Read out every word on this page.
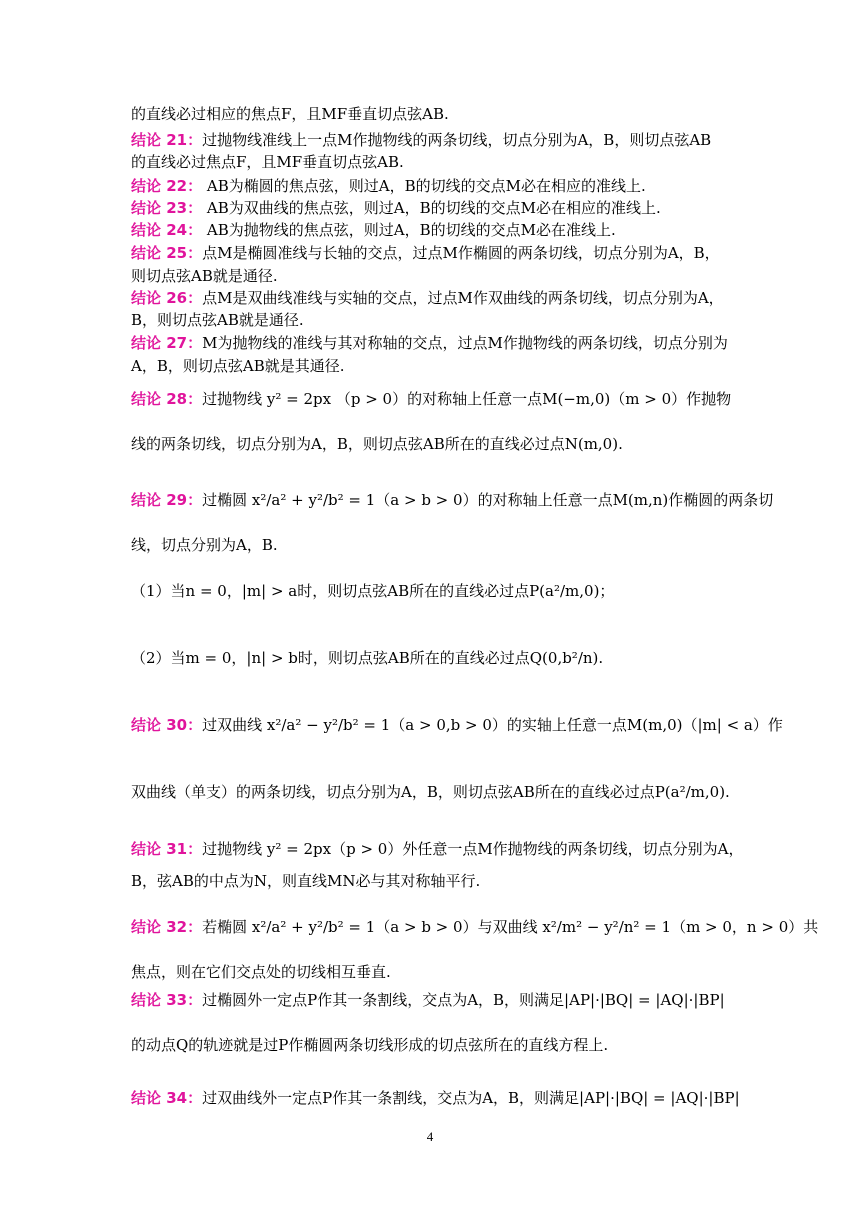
的直线必过相应的焦点F，且MF垂直切点弦AB.
结论 21：过抛物线准线上一点M作抛物线的两条切线，切点分别为A，B，则切点弦AB
的直线必过焦点F，且MF垂直切点弦AB.
结论 22： AB为椭圆的焦点弦，则过A，B的切线的交点M必在相应的准线上.
结论 23： AB为双曲线的焦点弦，则过A，B的切线的交点M必在相应的准线上.
结论 24： AB为抛物线的焦点弦，则过A，B的切线的交点M必在准线上.
结论 25：点M是椭圆准线与长轴的交点，过点M作椭圆的两条切线，切点分别为A，B，
则切点弦AB就是通径.
结论 26：点M是双曲线准线与实轴的交点，过点M作双曲线的两条切线，切点分别为A，
B，则切点弦AB就是通径.
结论 27：M为抛物线的准线与其对称轴的交点，过点M作抛物线的两条切线，切点分别为
A，B，则切点弦AB就是其通径.
结论 28：过抛物线 y² = 2px （p > 0）的对称轴上任意一点M(−m,0)（m > 0）作抛物
线的两条切线，切点分别为A，B，则切点弦AB所在的直线必过点N(m,0).
结论 29：过椭圆 x²/a² + y²/b² = 1（a > b > 0）的对称轴上任意一点M(m,n)作椭圆的两条切
线，切点分别为A，B.
（1）当n = 0，|m| > a时，则切点弦AB所在的直线必过点P(a²/m,0)；
（2）当m = 0，|n| > b时，则切点弦AB所在的直线必过点Q(0,b²/n).
结论 30：过双曲线 x²/a² − y²/b² = 1（a > 0,b > 0）的实轴上任意一点M(m,0)（|m| < a）作
双曲线（单支）的两条切线，切点分别为A，B，则切点弦AB所在的直线必过点P(a²/m,0).
结论 31：过抛物线 y² = 2px（p > 0）外任意一点M作抛物线的两条切线，切点分别为A，
B，弦AB的中点为N，则直线MN必与其对称轴平行.
结论 32：若椭圆 x²/a² + y²/b² = 1（a > b > 0）与双曲线 x²/m² − y²/n² = 1（m > 0，n > 0）共
焦点，则在它们交点处的切线相互垂直.
结论 33：过椭圆外一定点P作其一条割线，交点为A，B，则满足|AP|·|BQ| = |AQ|·|BP|
的动点Q的轨迹就是过P作椭圆两条切线形成的切点弦所在的直线方程上.
结论 34：过双曲线外一定点P作其一条割线，交点为A，B，则满足|AP|·|BQ| = |AQ|·|BP|
4
